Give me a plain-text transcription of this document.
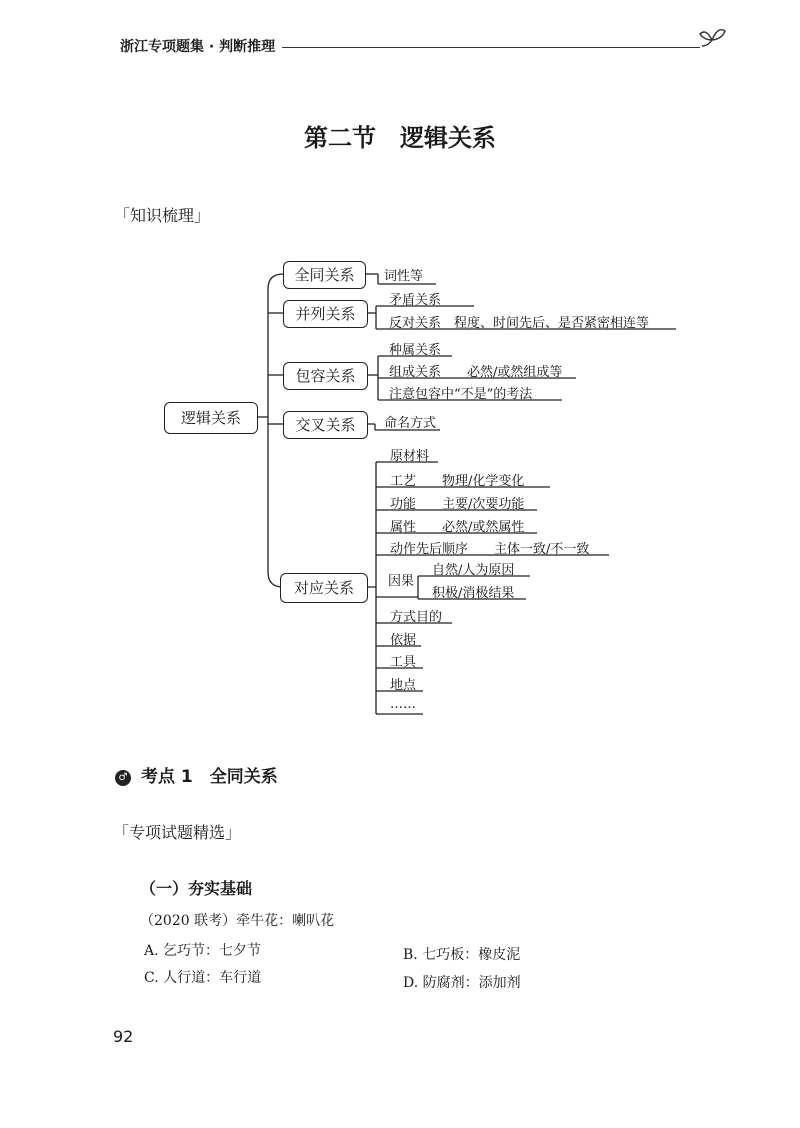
浙江专项题集 · 判断推理
第二节　逻辑关系
「知识梳理」
逻辑关系
全同关系
并列关系
包容关系
交叉关系
对应关系
词性等
矛盾关系
反对关系　程度、时间先后、是否紧密相连等
种属关系
组成关系　　必然/或然组成等
注意包容中“不是”的考法
命名方式
原材料
工艺　　物理/化学变化
功能　　主要/次要功能
属性　　必然/或然属性
动作先后顺序　　主体一致/不一致
因果
自然/人为原因
积极/消极结果
方式目的
依据
工具
地点
……
♂ 考点 1　全同关系
「专项试题精选」
（一）夯实基础
（2020 联考）牵牛花：喇叭花
A. 乞巧节：七夕节	B. 七巧板：橡皮泥
C. 人行道：车行道	D. 防腐剂：添加剂
92
